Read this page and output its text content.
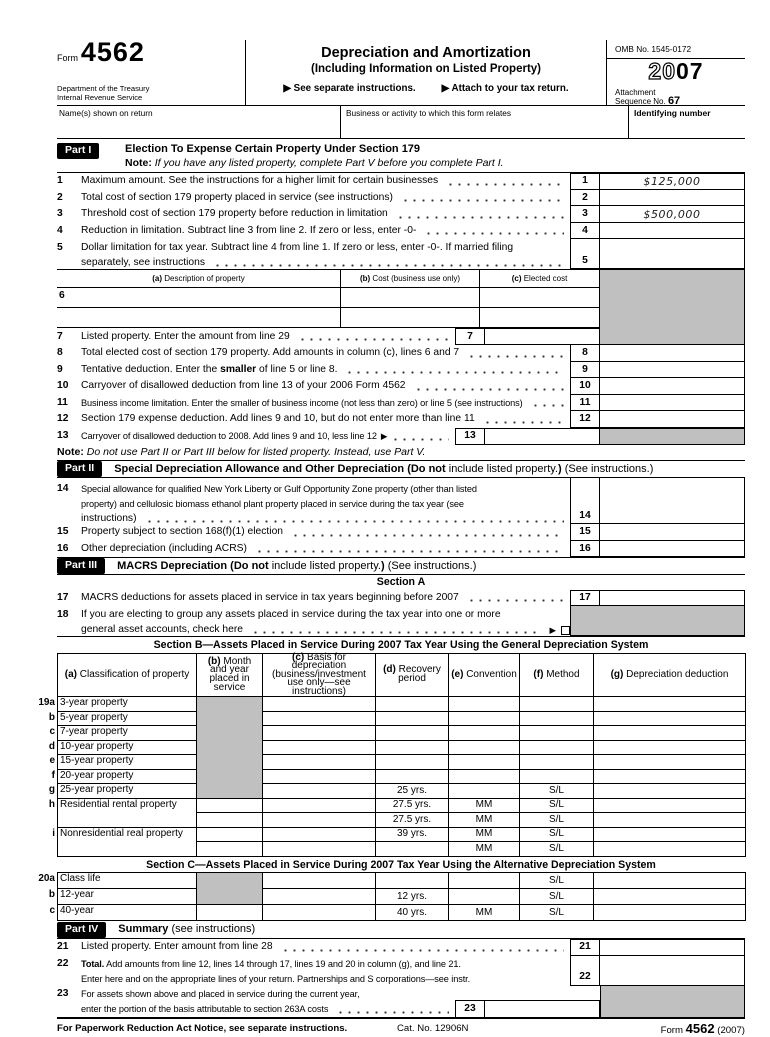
Form 4562
Department of the Treasury
Internal Revenue Service
Depreciation and Amortization
(Including Information on Listed Property)
▶ See separate instructions.	▶ Attach to your tax return.
OMB No. 1545-0172
2007
Attachment
Sequence No. 67
Name(s) shown on return	Business or activity to which this form relates	Identifying number
Part I	Election To Expense Certain Property Under Section 179
Note: If you have any listed property, complete Part V before you complete Part I.
1	Maximum amount. See the instructions for a higher limit for certain businesses	1	$125,000
2	Total cost of section 179 property placed in service (see instructions)	2
3	Threshold cost of section 179 property before reduction in limitation	3	$500,000
4	Reduction in limitation. Subtract line 3 from line 2. If zero or less, enter -0-	4
5	Dollar limitation for tax year. Subtract line 4 from line 1. If zero or less, enter -0-. If married filing
separately, see instructions	5
(a) Description of property	(b) Cost (business use only)	(c) Elected cost
6
7	Listed property. Enter the amount from line 29	7
8	Total elected cost of section 179 property. Add amounts in column (c), lines 6 and 7	8
9	Tentative deduction. Enter the smaller of line 5 or line 8.	9
10	Carryover of disallowed deduction from line 13 of your 2006 Form 4562	10
11	Business income limitation. Enter the smaller of business income (not less than zero) or line 5 (see instructions)	11
12	Section 179 expense deduction. Add lines 9 and 10, but do not enter more than line 11	12
13	Carryover of disallowed deduction to 2008. Add lines 9 and 10, less line 12 ▶	13
Note: Do not use Part II or Part III below for listed property. Instead, use Part V.
Part II	Special Depreciation Allowance and Other Depreciation (Do not include listed property.) (See instructions.)
14	Special allowance for qualified New York Liberty or Gulf Opportunity Zone property (other than listed
property) and cellulosic biomass ethanol plant property placed in service during the tax year (see
instructions)	14
15	Property subject to section 168(f)(1) election	15
16	Other depreciation (including ACRS)	16
Part III	MACRS Depreciation (Do not include listed property.) (See instructions.)
Section A
17	MACRS deductions for assets placed in service in tax years beginning before 2007	17
18	If you are electing to group any assets placed in service during the tax year into one or more
general asset accounts, check here	▶
Section B—Assets Placed in Service During 2007 Tax Year Using the General Depreciation System
(a) Classification of property	(b) Month and year placed in service	(c) Basis for depreciation (business/investment use only—see instructions)	(d) Recovery period	(e) Convention	(f) Method	(g) Depreciation deduction
19a 3-year property						
b 5-year property						
c 7-year property						
d 10-year property						
e 15-year property						
f 20-year property						
g 25-year property			25 yrs.		S/L	
h Residential rental property			27.5 yrs.	MM	S/L	
			27.5 yrs.	MM	S/L	
i Nonresidential real property			39 yrs.	MM	S/L	
				MM	S/L	
Section C—Assets Placed in Service During 2007 Tax Year Using the Alternative Depreciation System
20a Class life					S/L	
b 12-year			12 yrs.		S/L	
c 40-year			40 yrs.	MM	S/L	
Part IV	Summary (see instructions)
21	Listed property. Enter amount from line 28	21
22	Total. Add amounts from line 12, lines 14 through 17, lines 19 and 20 in column (g), and line 21.
Enter here and on the appropriate lines of your return. Partnerships and S corporations—see instr.	22
23	For assets shown above and placed in service during the current year,
enter the portion of the basis attributable to section 263A costs	23
For Paperwork Reduction Act Notice, see separate instructions.	Cat. No. 12906N	Form 4562 (2007)
